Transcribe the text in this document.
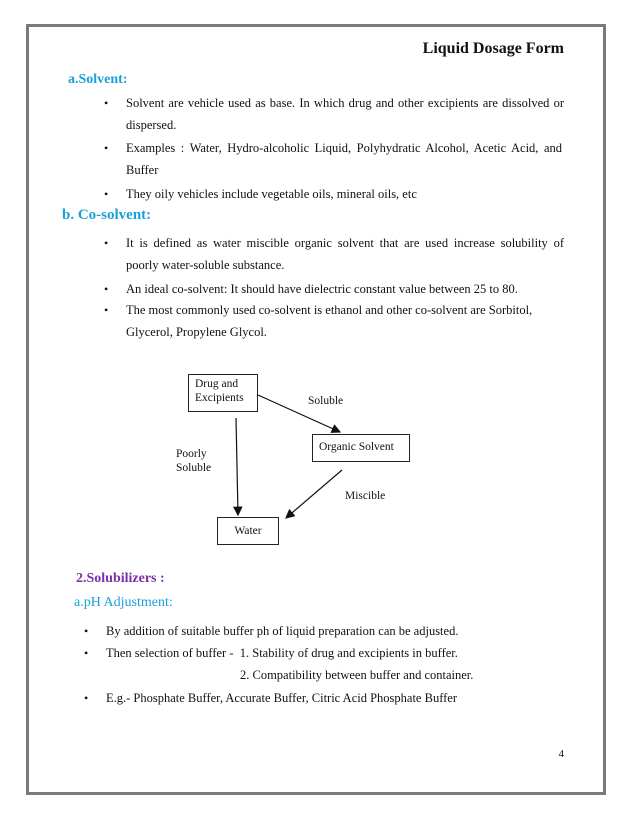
Liquid Dosage Form
a.Solvent:
• Solvent are vehicle used as base. In which drug and other excipients are dissolved or
dispersed.
• Examples : Water, Hydro-alcoholic Liquid, Polyhydratic Alcohol, Acetic Acid, and
Buffer
• They oily vehicles include vegetable oils, mineral oils, etc
b. Co-solvent:
• It is defined as water miscible organic solvent that are used increase solubility of
poorly water-soluble substance.
• An ideal co-solvent: It should have dielectric constant value between 25 to 80.
• The most commonly used co-solvent is ethanol and other co-solvent are Sorbitol,
Glycerol, Propylene Glycol.
Drug and
Excipients
Organic Solvent
Water
Soluble
Poorly
Soluble
Miscible
2.Solubilizers :
a.pH Adjustment:
• By addition of suitable buffer ph of liquid preparation can be adjusted.
• Then selection of buffer -  1. Stability of drug and excipients in buffer.
2. Compatibility between buffer and container.
• E.g.- Phosphate Buffer, Accurate Buffer, Citric Acid Phosphate Buffer
4
